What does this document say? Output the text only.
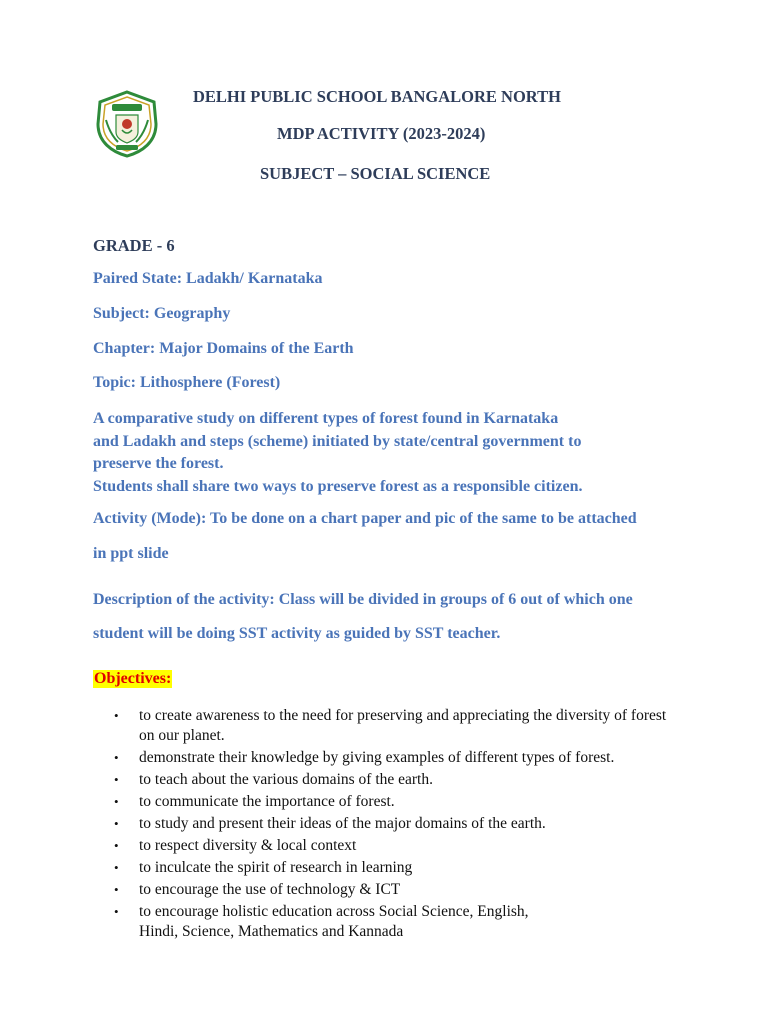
DELHI PUBLIC SCHOOL BANGALORE NORTH
MDP ACTIVITY (2023-2024)
SUBJECT – SOCIAL SCIENCE
GRADE - 6
Paired State: Ladakh/ Karnataka
Subject: Geography
Chapter: Major Domains of the Earth
Topic: Lithosphere (Forest)
A comparative study on different types of forest found in Karnataka
and Ladakh and steps (scheme) initiated by state/central government to
preserve the forest.
Students shall share two ways to preserve forest as a responsible citizen.
Activity (Mode): To be done on a chart paper and pic of the same to be attached
in ppt slide
Description of the activity: Class will be divided in groups of 6 out of which one
student will be doing SST activity as guided by SST teacher.
Objectives:
• to create awareness to the need for preserving and appreciating the diversity of forest
on our planet.
• demonstrate their knowledge by giving examples of different types of forest.
• to teach about the various domains of the earth.
• to communicate the importance of forest.
• to study and present their ideas of the major domains of the earth.
• to respect diversity & local context
• to inculcate the spirit of research in learning
• to encourage the use of technology & ICT
• to encourage holistic education across Social Science, English,
Hindi, Science, Mathematics and Kannada
